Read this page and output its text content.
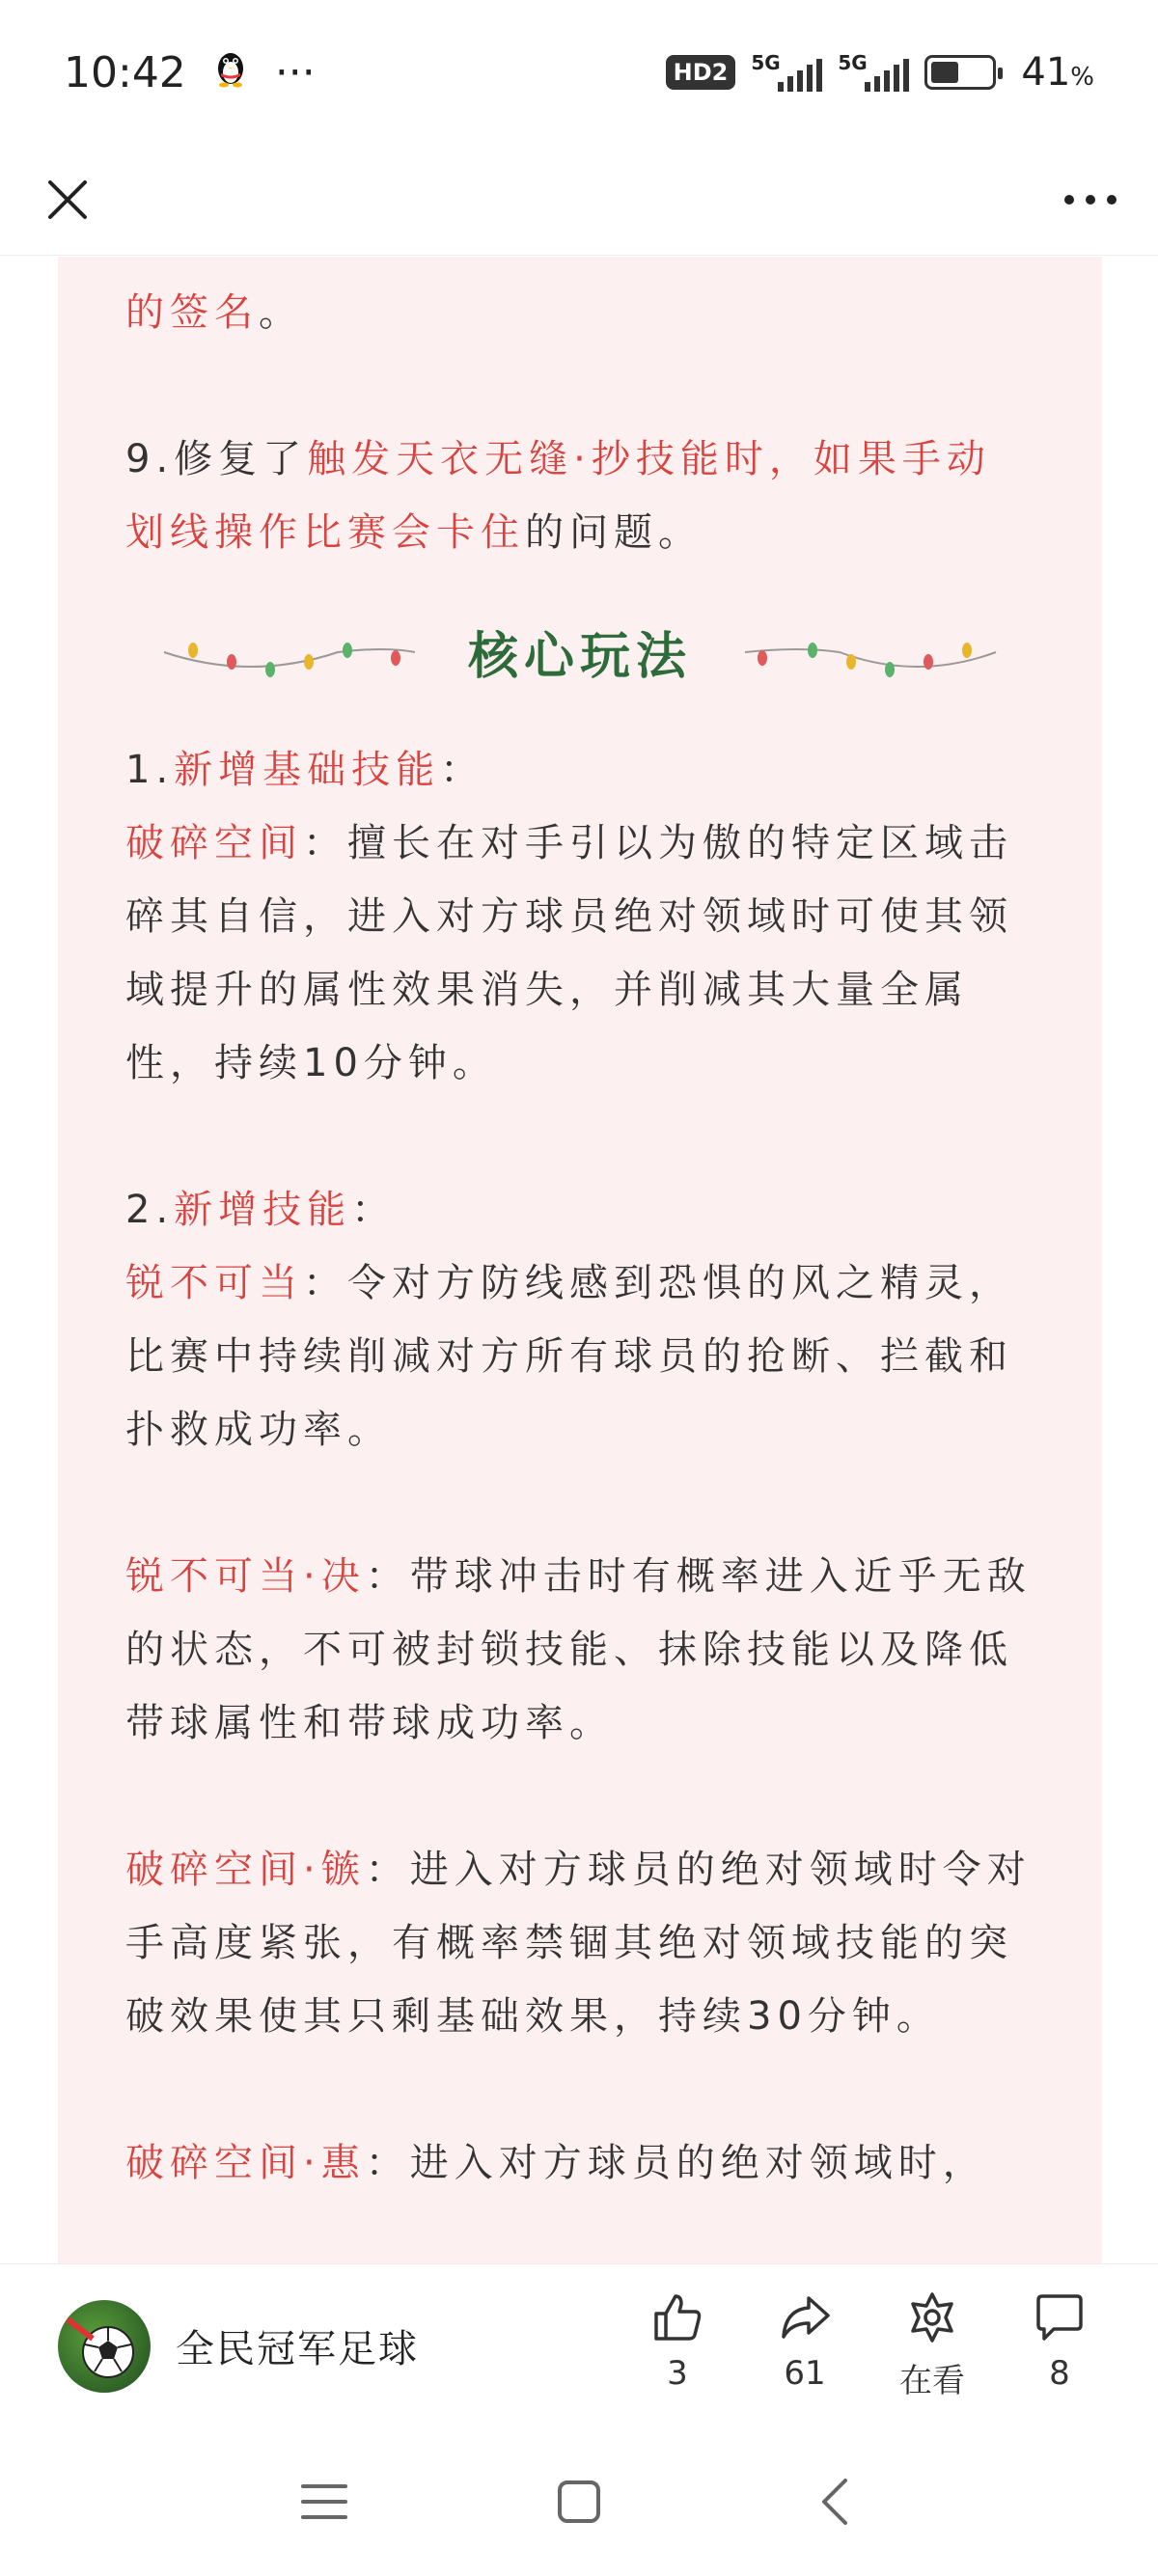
10:42 ···	HD2	5G	5G	41%

的签名。

9.修复了触发天衣无缝·抄技能时，如果手动划线操作比赛会卡住的问题。

核心玩法

1.新增基础技能：

破碎空间：擅长在对手引以为傲的特定区域击碎其自信，进入对方球员绝对领域时可使其领域提升的属性效果消失，并削减其大量全属性，持续10分钟。

2.新增技能：

锐不可当：令对方防线感到恐惧的风之精灵，比赛中持续削减对方所有球员的抢断、拦截和扑救成功率。

锐不可当·决：带球冲击时有概率进入近乎无敌的状态，不可被封锁技能、抹除技能以及降低带球属性和带球成功率。

破碎空间·镞：进入对方球员的绝对领域时令对手高度紧张，有概率禁锢其绝对领域技能的突破效果使其只剩基础效果，持续30分钟。

破碎空间·惠：进入对方球员的绝对领域时，

全民冠军足球
3	61 在看	8
